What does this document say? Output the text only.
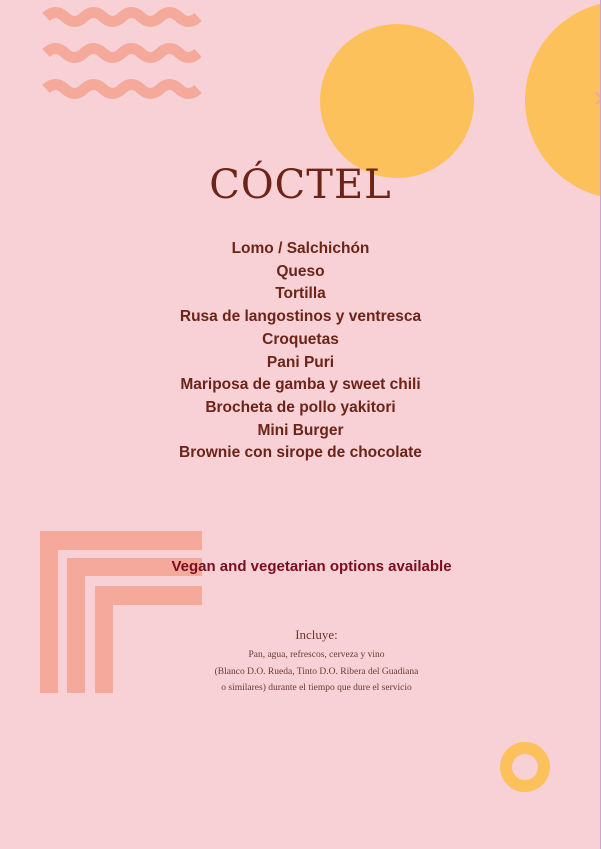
CÓCTEL
Lomo / Salchichón
Queso
Tortilla
Rusa de langostinos y ventresca
Croquetas
Pani Puri
Mariposa de gamba y sweet chili
Brocheta de pollo yakitori
Mini Burger
Brownie con sirope de chocolate
Vegan and vegetarian options available
Incluye:
Pan, agua, refrescos, cerveza y vino
(Blanco D.O. Rueda, Tinto D.O. Ribera del Guadiana
o similares) durante el tiempo que dure el servicio
